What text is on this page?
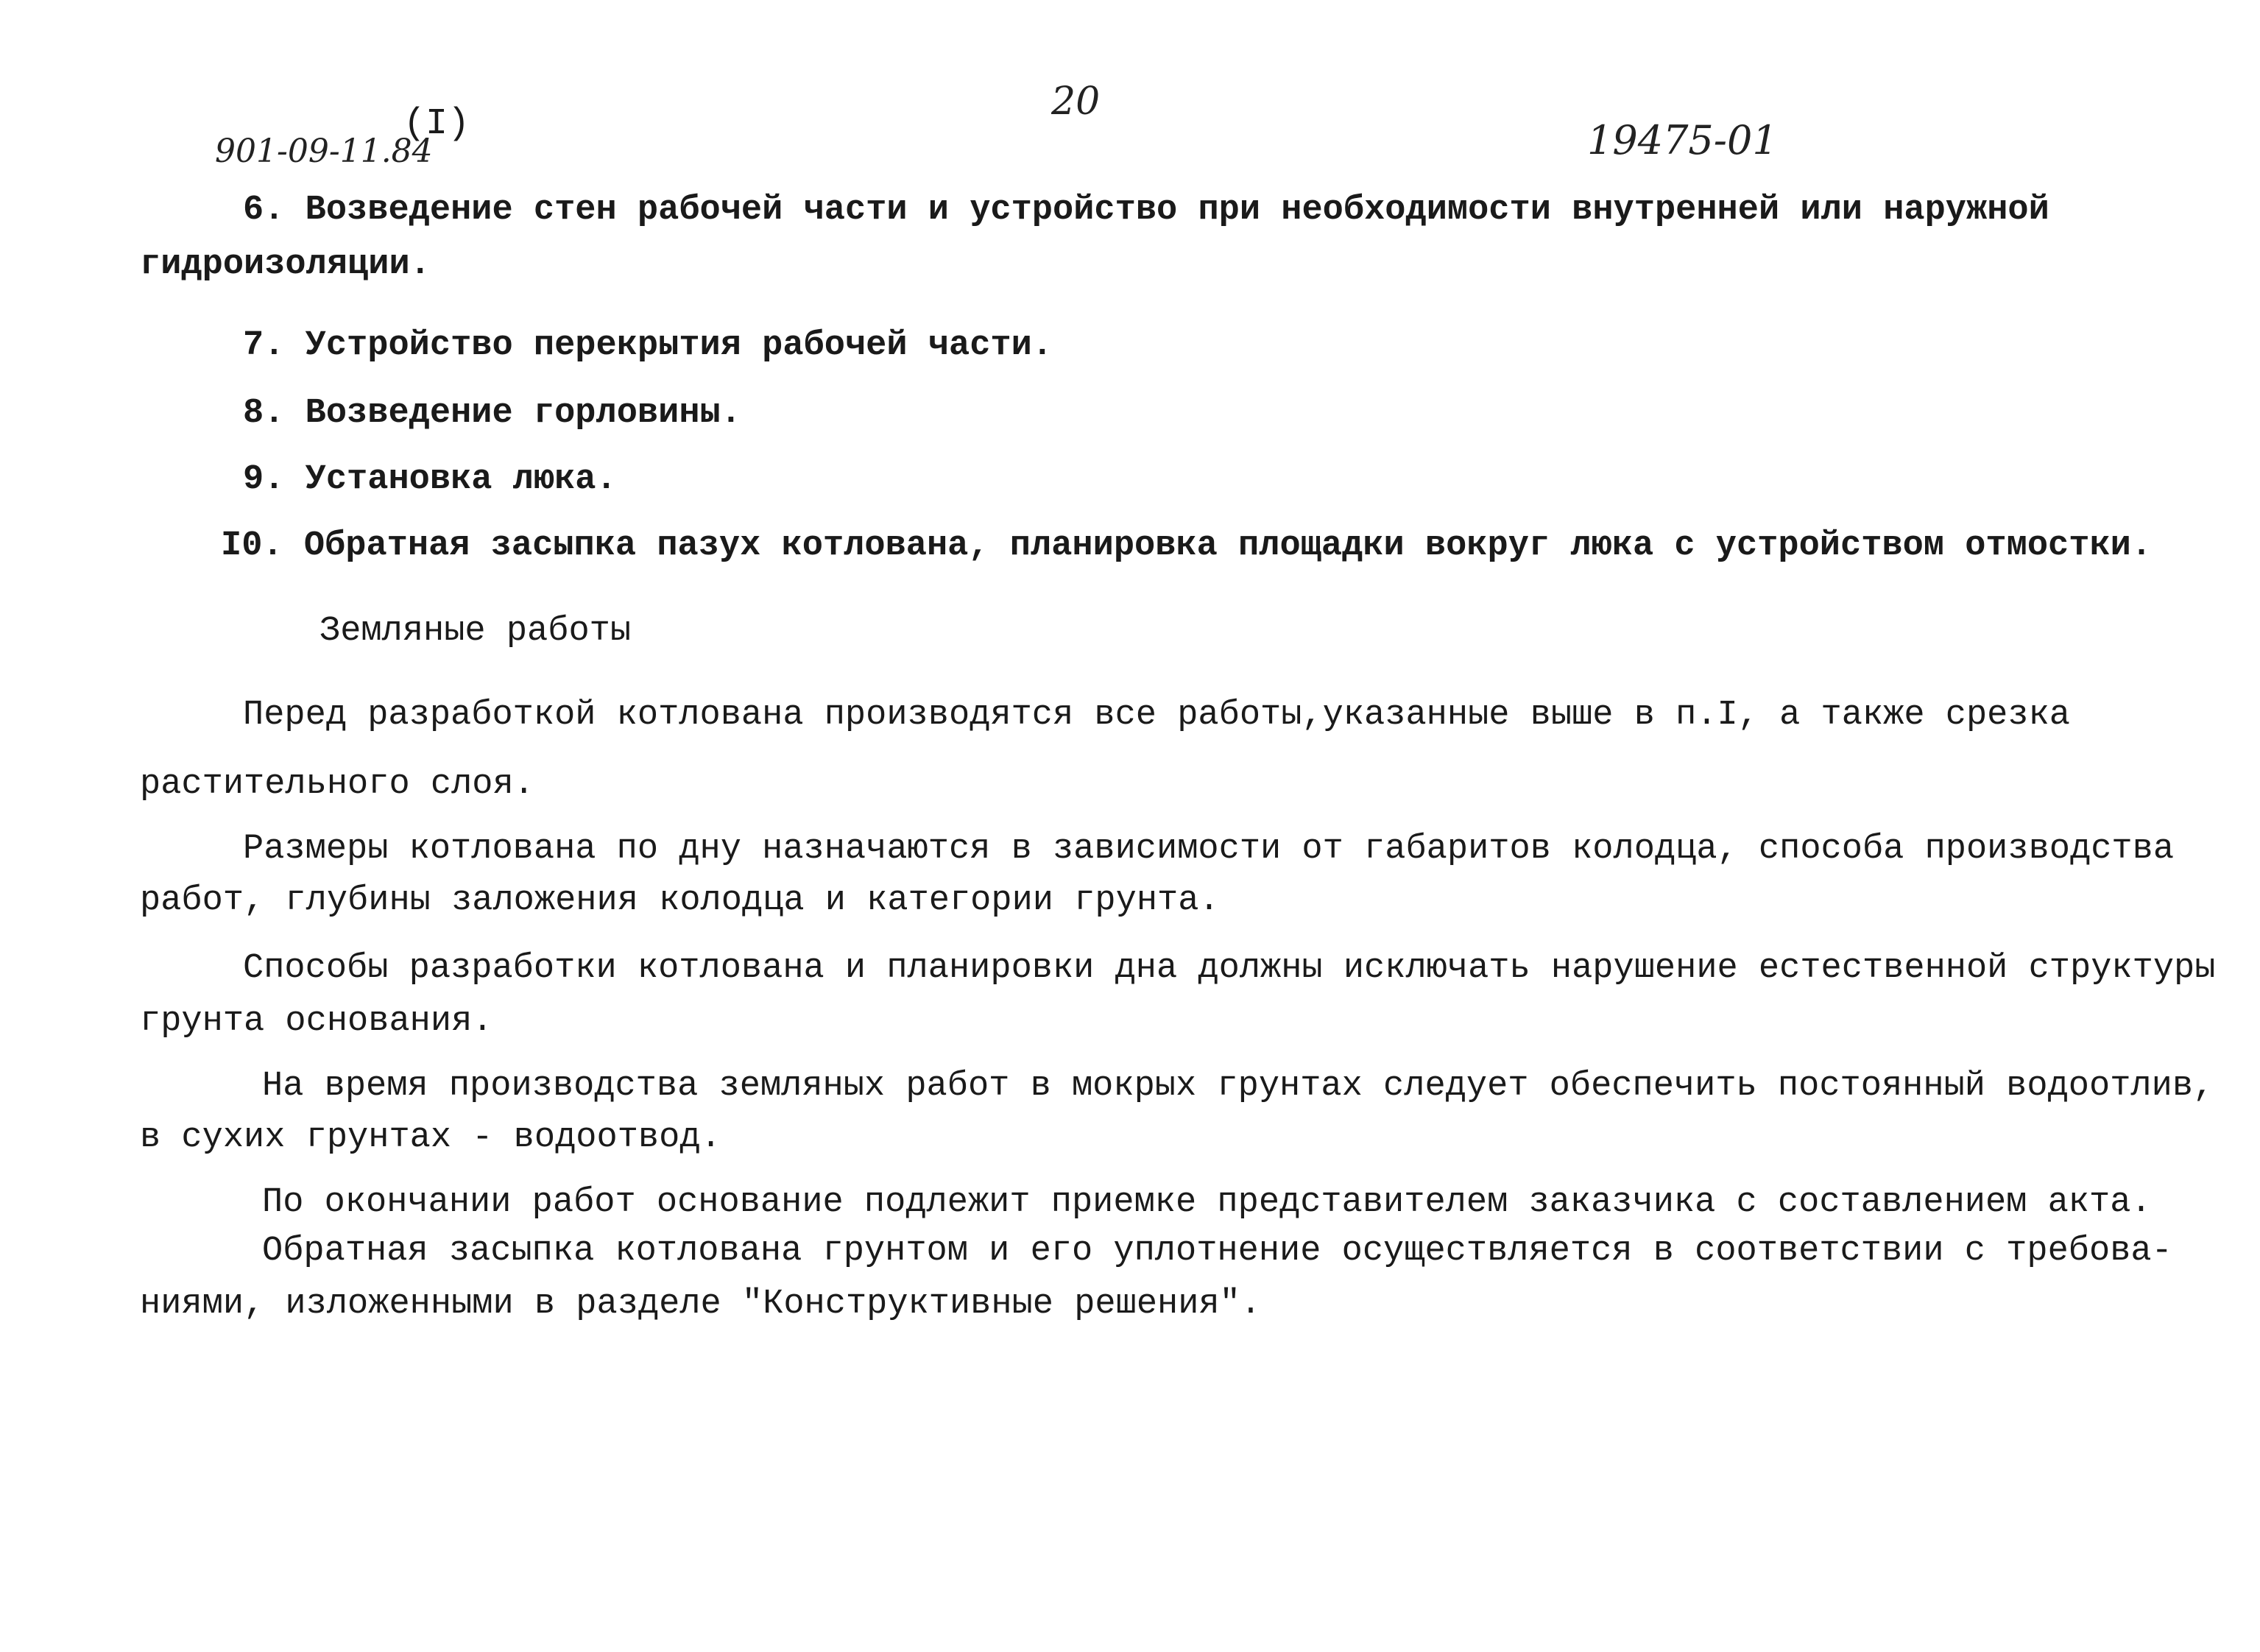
20
(I)
901-09-11.84	19475-01
6. Возведение стен рабочей части и устройство при необходимости внутренней или наружной
гидроизоляции.
7. Устройство перекрытия рабочей части.
8. Возведение горловины.
9. Установка люка.
I0. Обратная засыпка пазух котлована, планировка площадки вокруг люка с устройством отмостки.
Земляные работы
Перед разработкой котлована производятся все работы,указанные выше в п.I, а также срезка
растительного слоя.
Размеры котлована по дну назначаются в зависимости от габаритов колодца, способа производства
работ, глубины заложения колодца и категории грунта.
Способы разработки котлована и планировки дна должны исключать нарушение естественной структуры
грунта основания.
На время производства земляных работ в мокрых грунтах следует обеспечить постоянный водоотлив,
в сухих грунтах - водоотвод.
По окончании работ основание подлежит приемке представителем заказчика с составлением акта.
Обратная засыпка котлована грунтом и его уплотнение осуществляется в соответствии с требова-
ниями, изложенными в разделе "Конструктивные решения".
